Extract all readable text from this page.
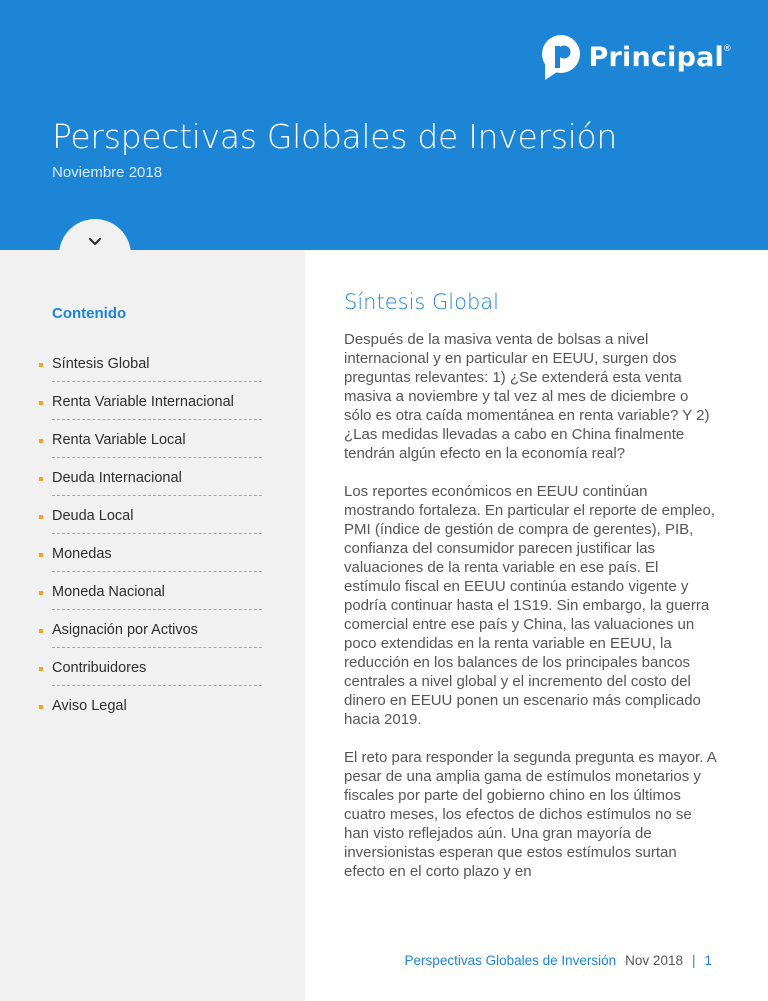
Principal
®
Perspectivas Globales de Inversión
Noviembre 2018
Contenido
Síntesis Global
Renta Variable Internacional
Renta Variable Local
Deuda Internacional
Deuda Local
Monedas
Moneda Nacional
Asignación por Activos
Contribuidores
Aviso Legal
Síntesis Global

Después de la masiva venta de bolsas a nivel internacional y en particular en EEUU, surgen dos preguntas relevantes: 1) ¿Se extenderá esta venta masiva a noviembre y tal vez al mes de diciembre o sólo es otra caída momentánea en renta variable? Y 2) ¿Las medidas llevadas a cabo en China finalmente tendrán algún efecto en la economía real?

Los reportes económicos en EEUU continúan mostrando fortaleza. En particular el reporte de empleo, PMI (índice de gestión de compra de gerentes), PIB, confianza del consumidor parecen justificar las valuaciones de la renta variable en ese país. El estímulo fiscal en EEUU continúa estando vigente y podría continuar hasta el 1S19. Sin embargo, la guerra comercial entre ese país y China, las valuaciones un poco extendidas en la renta variable en EEUU, la reducción en los balances de los principales bancos centrales a nivel global y el incremento del costo del dinero en EEUU ponen un escenario más complicado hacia 2019.

El reto para responder la segunda pregunta es mayor. A pesar de una amplia gama de estímulos monetarios y fiscales por parte del gobierno chino en los últimos cuatro meses, los efectos de dichos estímulos no se han visto reflejados aún. Una gran mayoría de inversionistas esperan que estos estímulos surtan efecto en el corto plazo y en

Perspectivas Globales de Inversión Nov 2018 | 1
